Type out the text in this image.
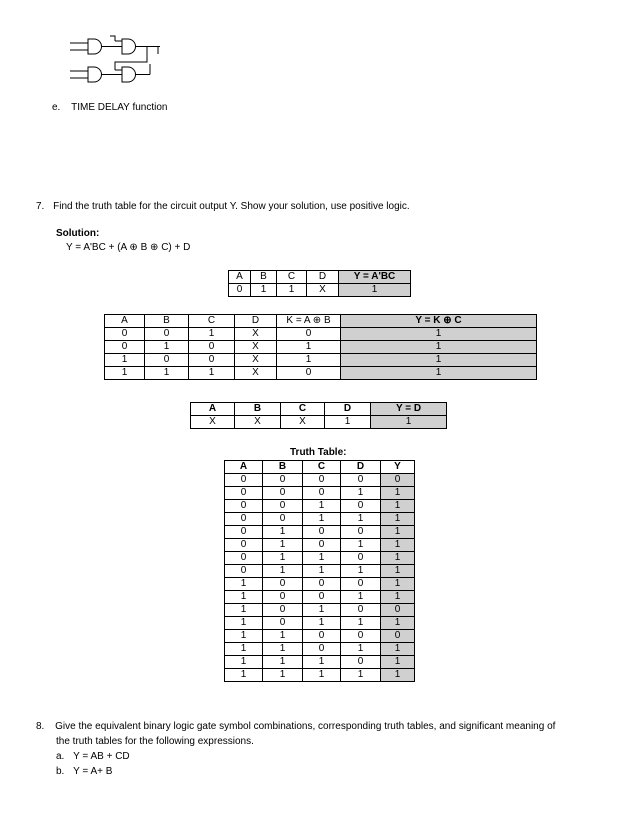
e. TIME DELAY function
7. Find the truth table for the circuit output Y. Show your solution, use positive logic.
Solution:
Y = A'BC + (A ⊕ B ⊕ C) + D
A	B	C	D	Y = A'BC
0	1	1	X	1
A	B	C	D	K = A ⊕ B	Y = K ⊕ C
0	0	1	X	0	1
0	1	0	X	1	1
1	0	0	X	1	1
1	1	1	X	0	1
A	B	C	D	Y = D
X	X	X	1	1
Truth Table:
A	B	C	D	Y
0	0	0	0	0
0	0	0	1	1
0	0	1	0	1
0	0	1	1	1
0	1	0	0	1
0	1	0	1	1
0	1	1	0	1
0	1	1	1	1
1	0	0	0	1
1	0	0	1	1
1	0	1	0	0
1	0	1	1	1
1	1	0	0	0
1	1	0	1	1
1	1	1	0	1
1	1	1	1	1
8. Give the equivalent binary logic gate symbol combinations, corresponding truth tables, and significant meaning of
the truth tables for the following expressions.
a. Y = AB + CD
b. Y = A+ B
